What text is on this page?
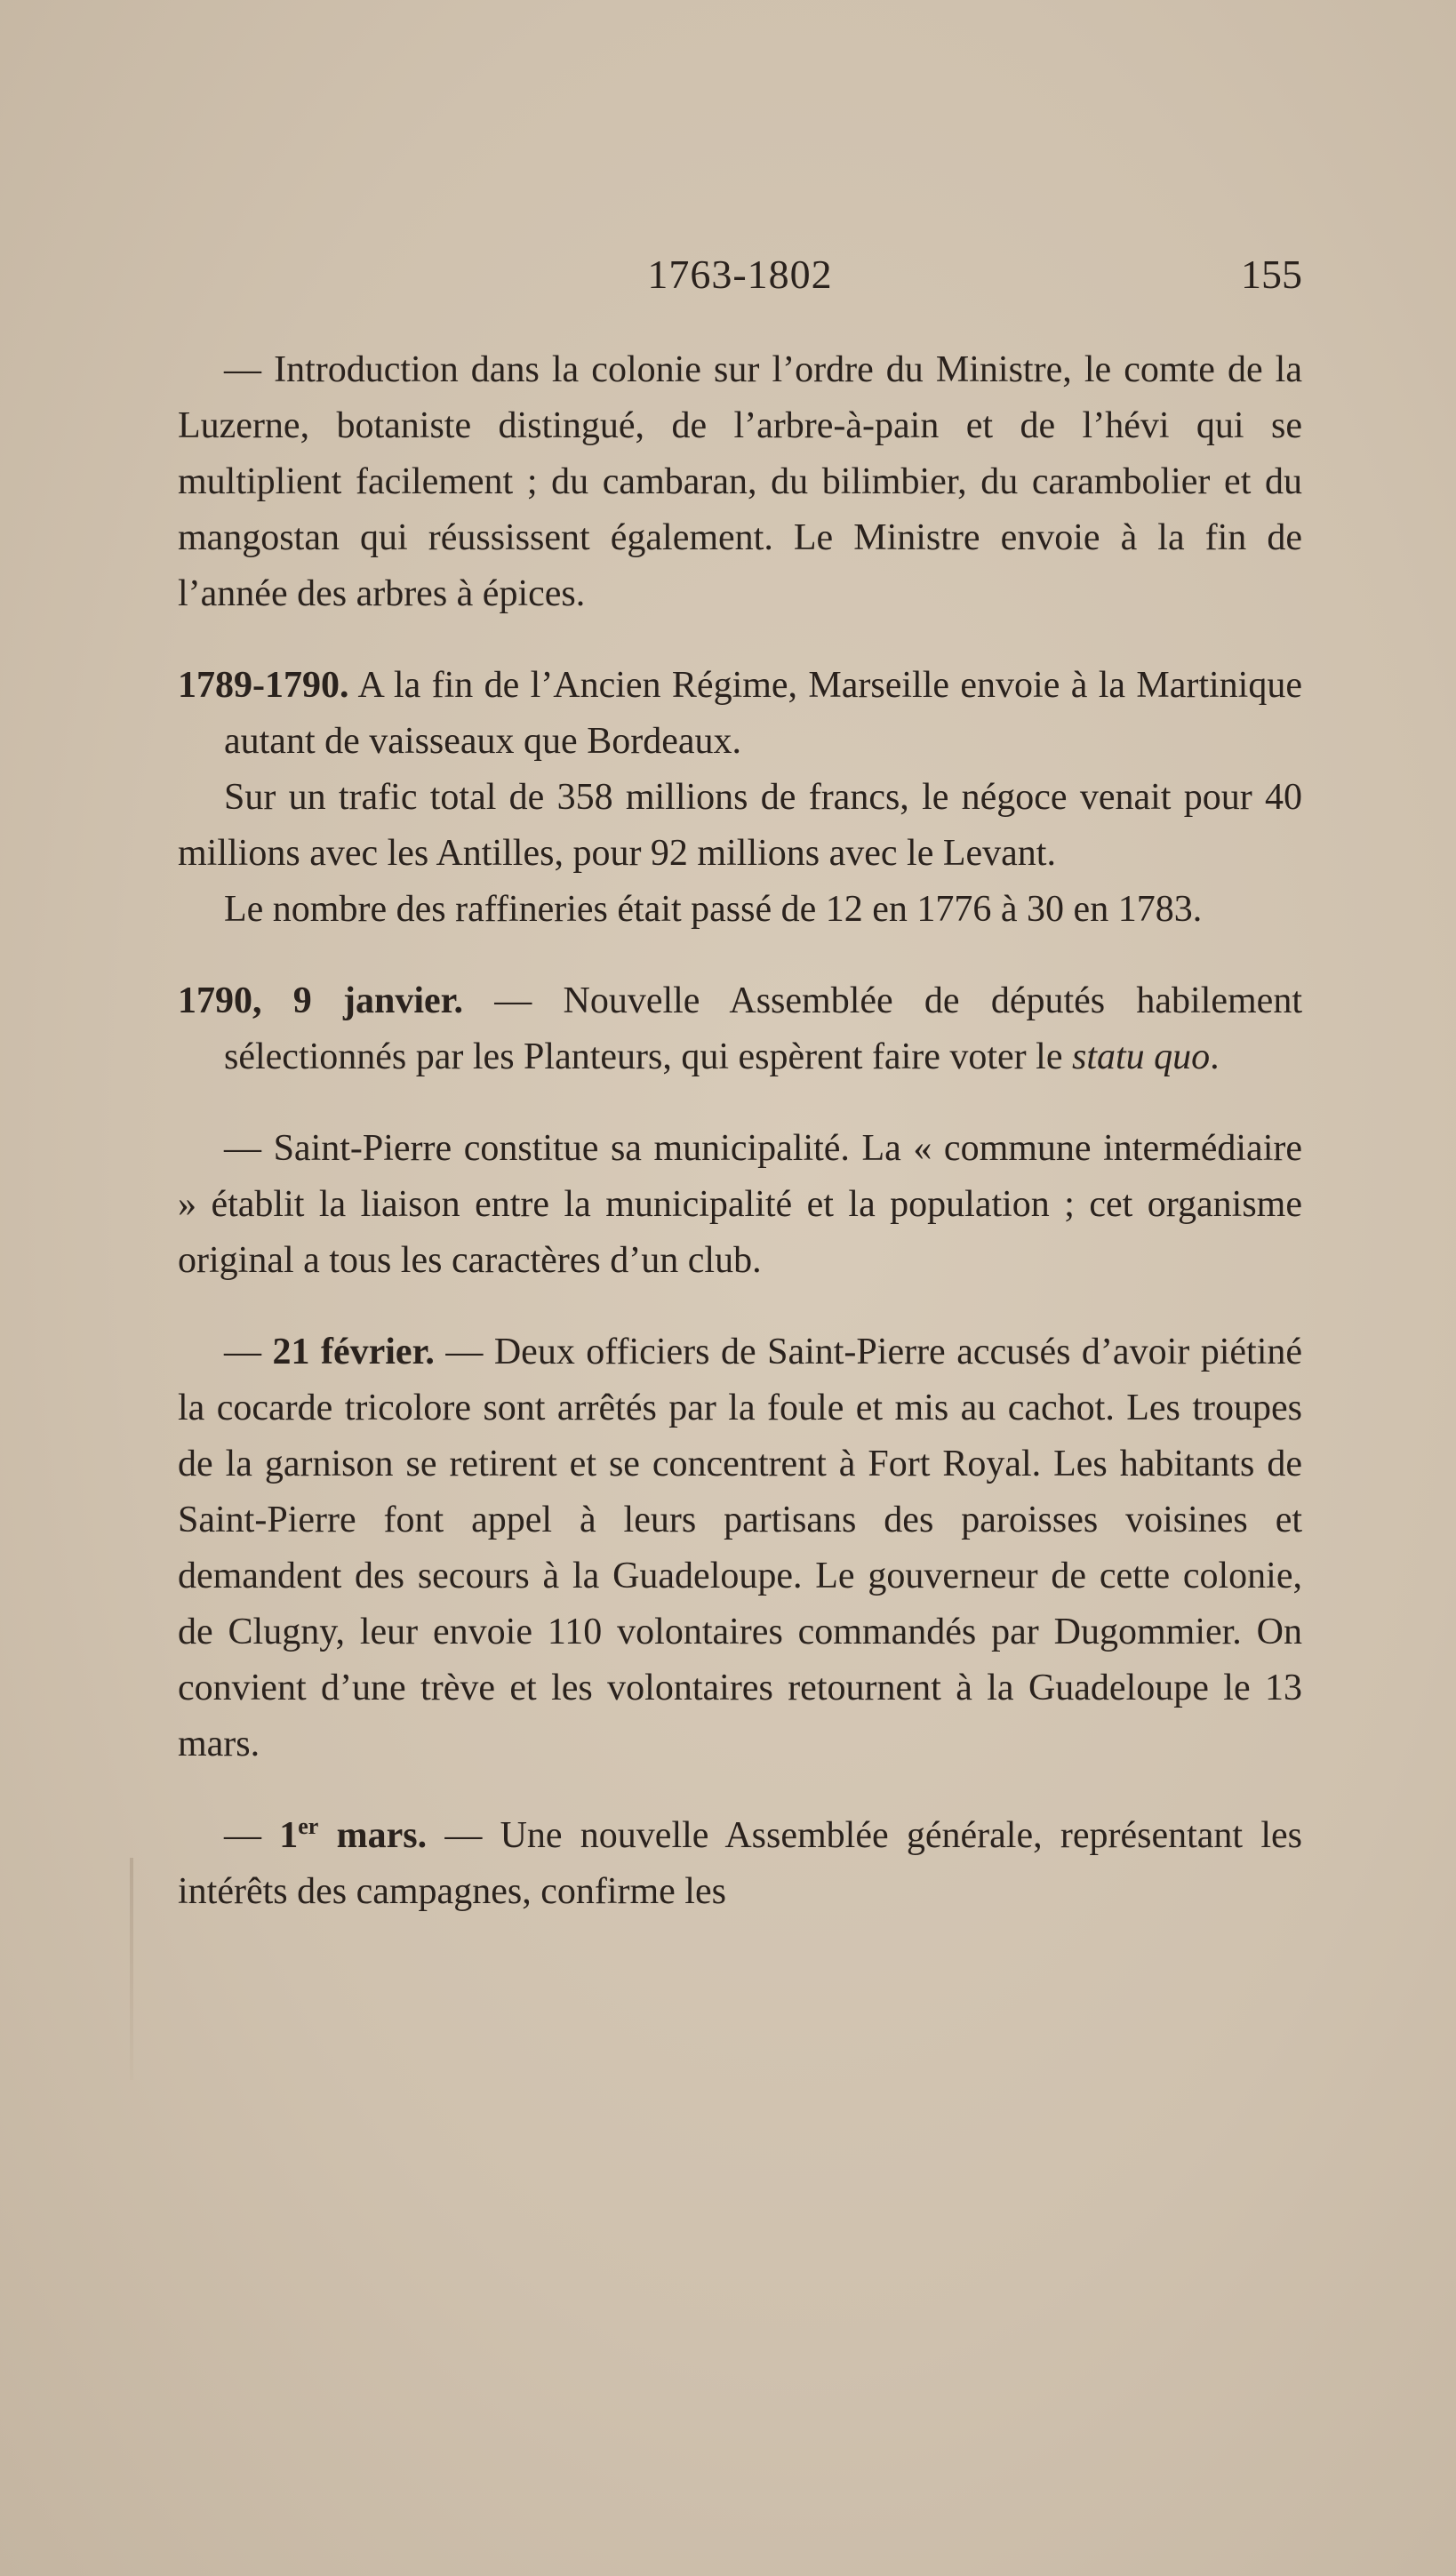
1763-1802	155

— Introduction dans la colonie sur l’ordre du Ministre, le comte de la Luzerne, botaniste distingué, de l’arbre-à-pain et de l’hévi qui se multiplient facilement ; du cambaran, du bilimbier, du carambolier et du mangostan qui réussissent également. Le Ministre envoie à la fin de l’année des arbres à épices.

1789-1790. A la fin de l’Ancien Régime, Marseille envoie à la Martinique autant de vaisseaux que Bordeaux.

Sur un trafic total de 358 millions de francs, le négoce venait pour 40 millions avec les Antilles, pour 92 millions avec le Levant.

Le nombre des raffineries était passé de 12 en 1776 à 30 en 1783.

1790, 9 janvier. — Nouvelle Assemblée de députés habilement sélectionnés par les Planteurs, qui espèrent faire voter le statu quo.

— Saint-Pierre constitue sa municipalité. La « commune intermédiaire » établit la liaison entre la municipalité et la population ; cet organisme original a tous les caractères d’un club.

— 21 février. — Deux officiers de Saint-Pierre accusés d’avoir piétiné la cocarde tricolore sont arrêtés par la foule et mis au cachot. Les troupes de la garnison se retirent et se concentrent à Fort Royal. Les habitants de Saint-Pierre font appel à leurs partisans des paroisses voisines et demandent des secours à la Guadeloupe. Le gouverneur de cette colonie, de Clugny, leur envoie 110 volontaires commandés par Dugommier. On convient d’une trève et les volontaires retournent à la Guadeloupe le 13 mars.

— 1er mars. — Une nouvelle Assemblée générale, représentant les intérêts des campagnes, confirme les
